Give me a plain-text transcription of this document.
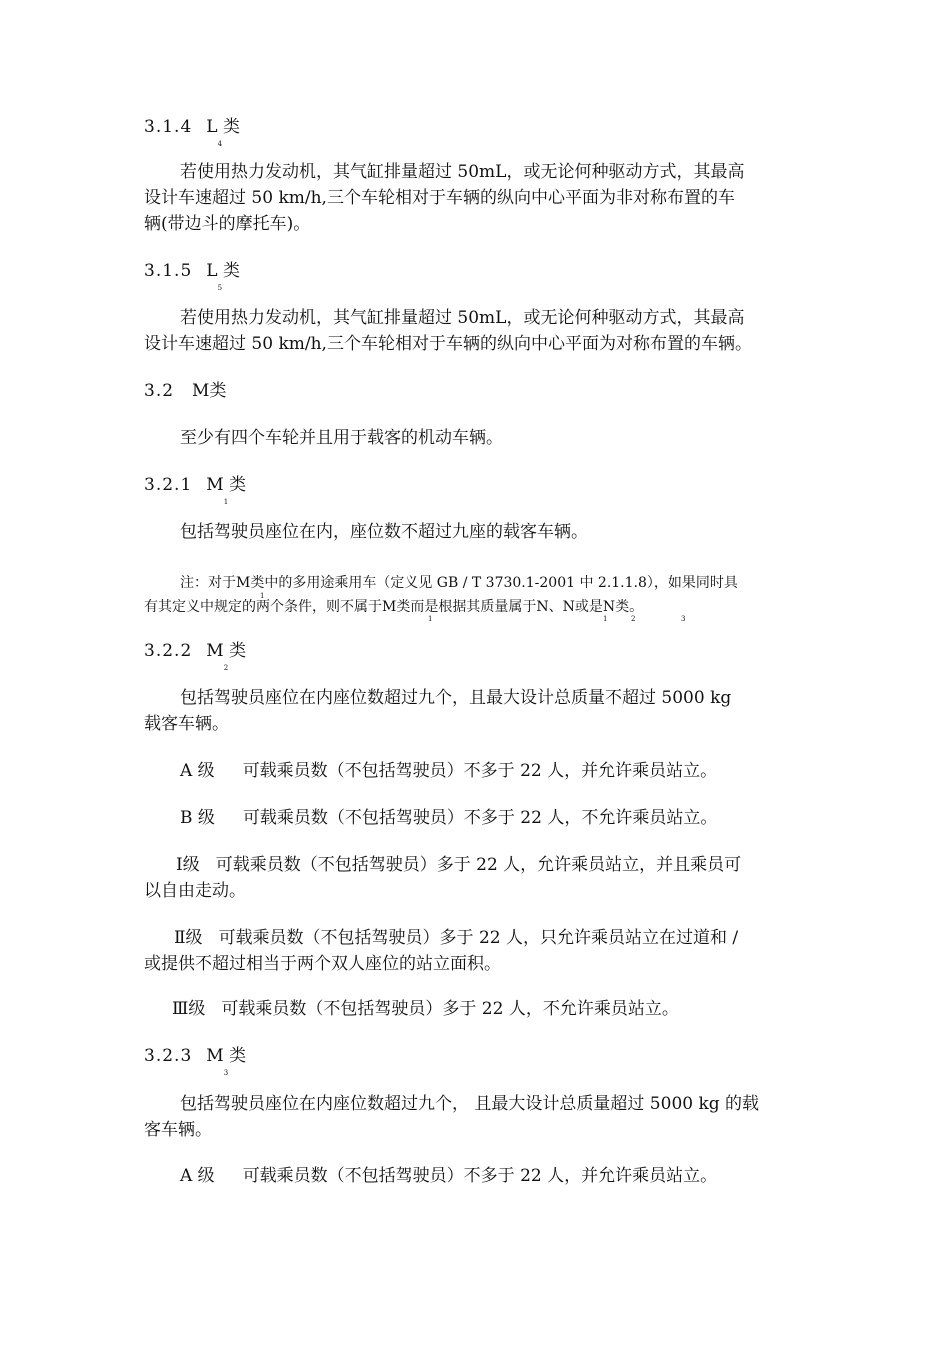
3.1.4 $L_4$类
若使用热力发动机，其气缸排量超过 50mL，或无论何种驱动方式，其最高
设计车速超过 50 km/h,三个车轮相对于车辆的纵向中心平面为非对称布置的车
辆(带边斗的摩托车)。
3.1.5 $L_5$类
若使用热力发动机，其气缸排量超过 50mL，或无论何种驱动方式，其最高
设计车速超过 50 km/h,三个车轮相对于车辆的纵向中心平面为对称布置的车辆。
3.2 M类
至少有四个车轮并且用于载客的机动车辆。
3.2.1 $M_1$类
包括驾驶员座位在内，座位数不超过九座的载客车辆。
注：对于M类中的多用途乘用车（定义见 GB / T 3730.1-2001 中 2.1.1.8），如果同时具
1
有其定义中规定的两个条件，则不属于M类而是根据其质量属于N、N或是N类。
1	1	2	3
3.2.2 $M_2$类
包括驾驶员座位在内座位数超过九个，且最大设计总质量不超过 5000 kg
载客车辆。
A 级 可载乘员数（不包括驾驶员）不多于 22 人，并允许乘员站立。
B 级 可载乘员数（不包括驾驶员）不多于 22 人，不允许乘员站立。
Ⅰ级 可载乘员数（不包括驾驶员）多于 22 人，允许乘员站立，并且乘员可
以自由走动。
Ⅱ级 可载乘员数（不包括驾驶员）多于 22 人，只允许乘员站立在过道和 /
或提供不超过相当于两个双人座位的站立面积。
Ⅲ级 可载乘员数（不包括驾驶员）多于 22 人，不允许乘员站立。
3.2.3 $M_3$类
包括驾驶员座位在内座位数超过九个， 且最大设计总质量超过 5000 kg 的载
客车辆。
A 级 可载乘员数（不包括驾驶员）不多于 22 人，并允许乘员站立。
